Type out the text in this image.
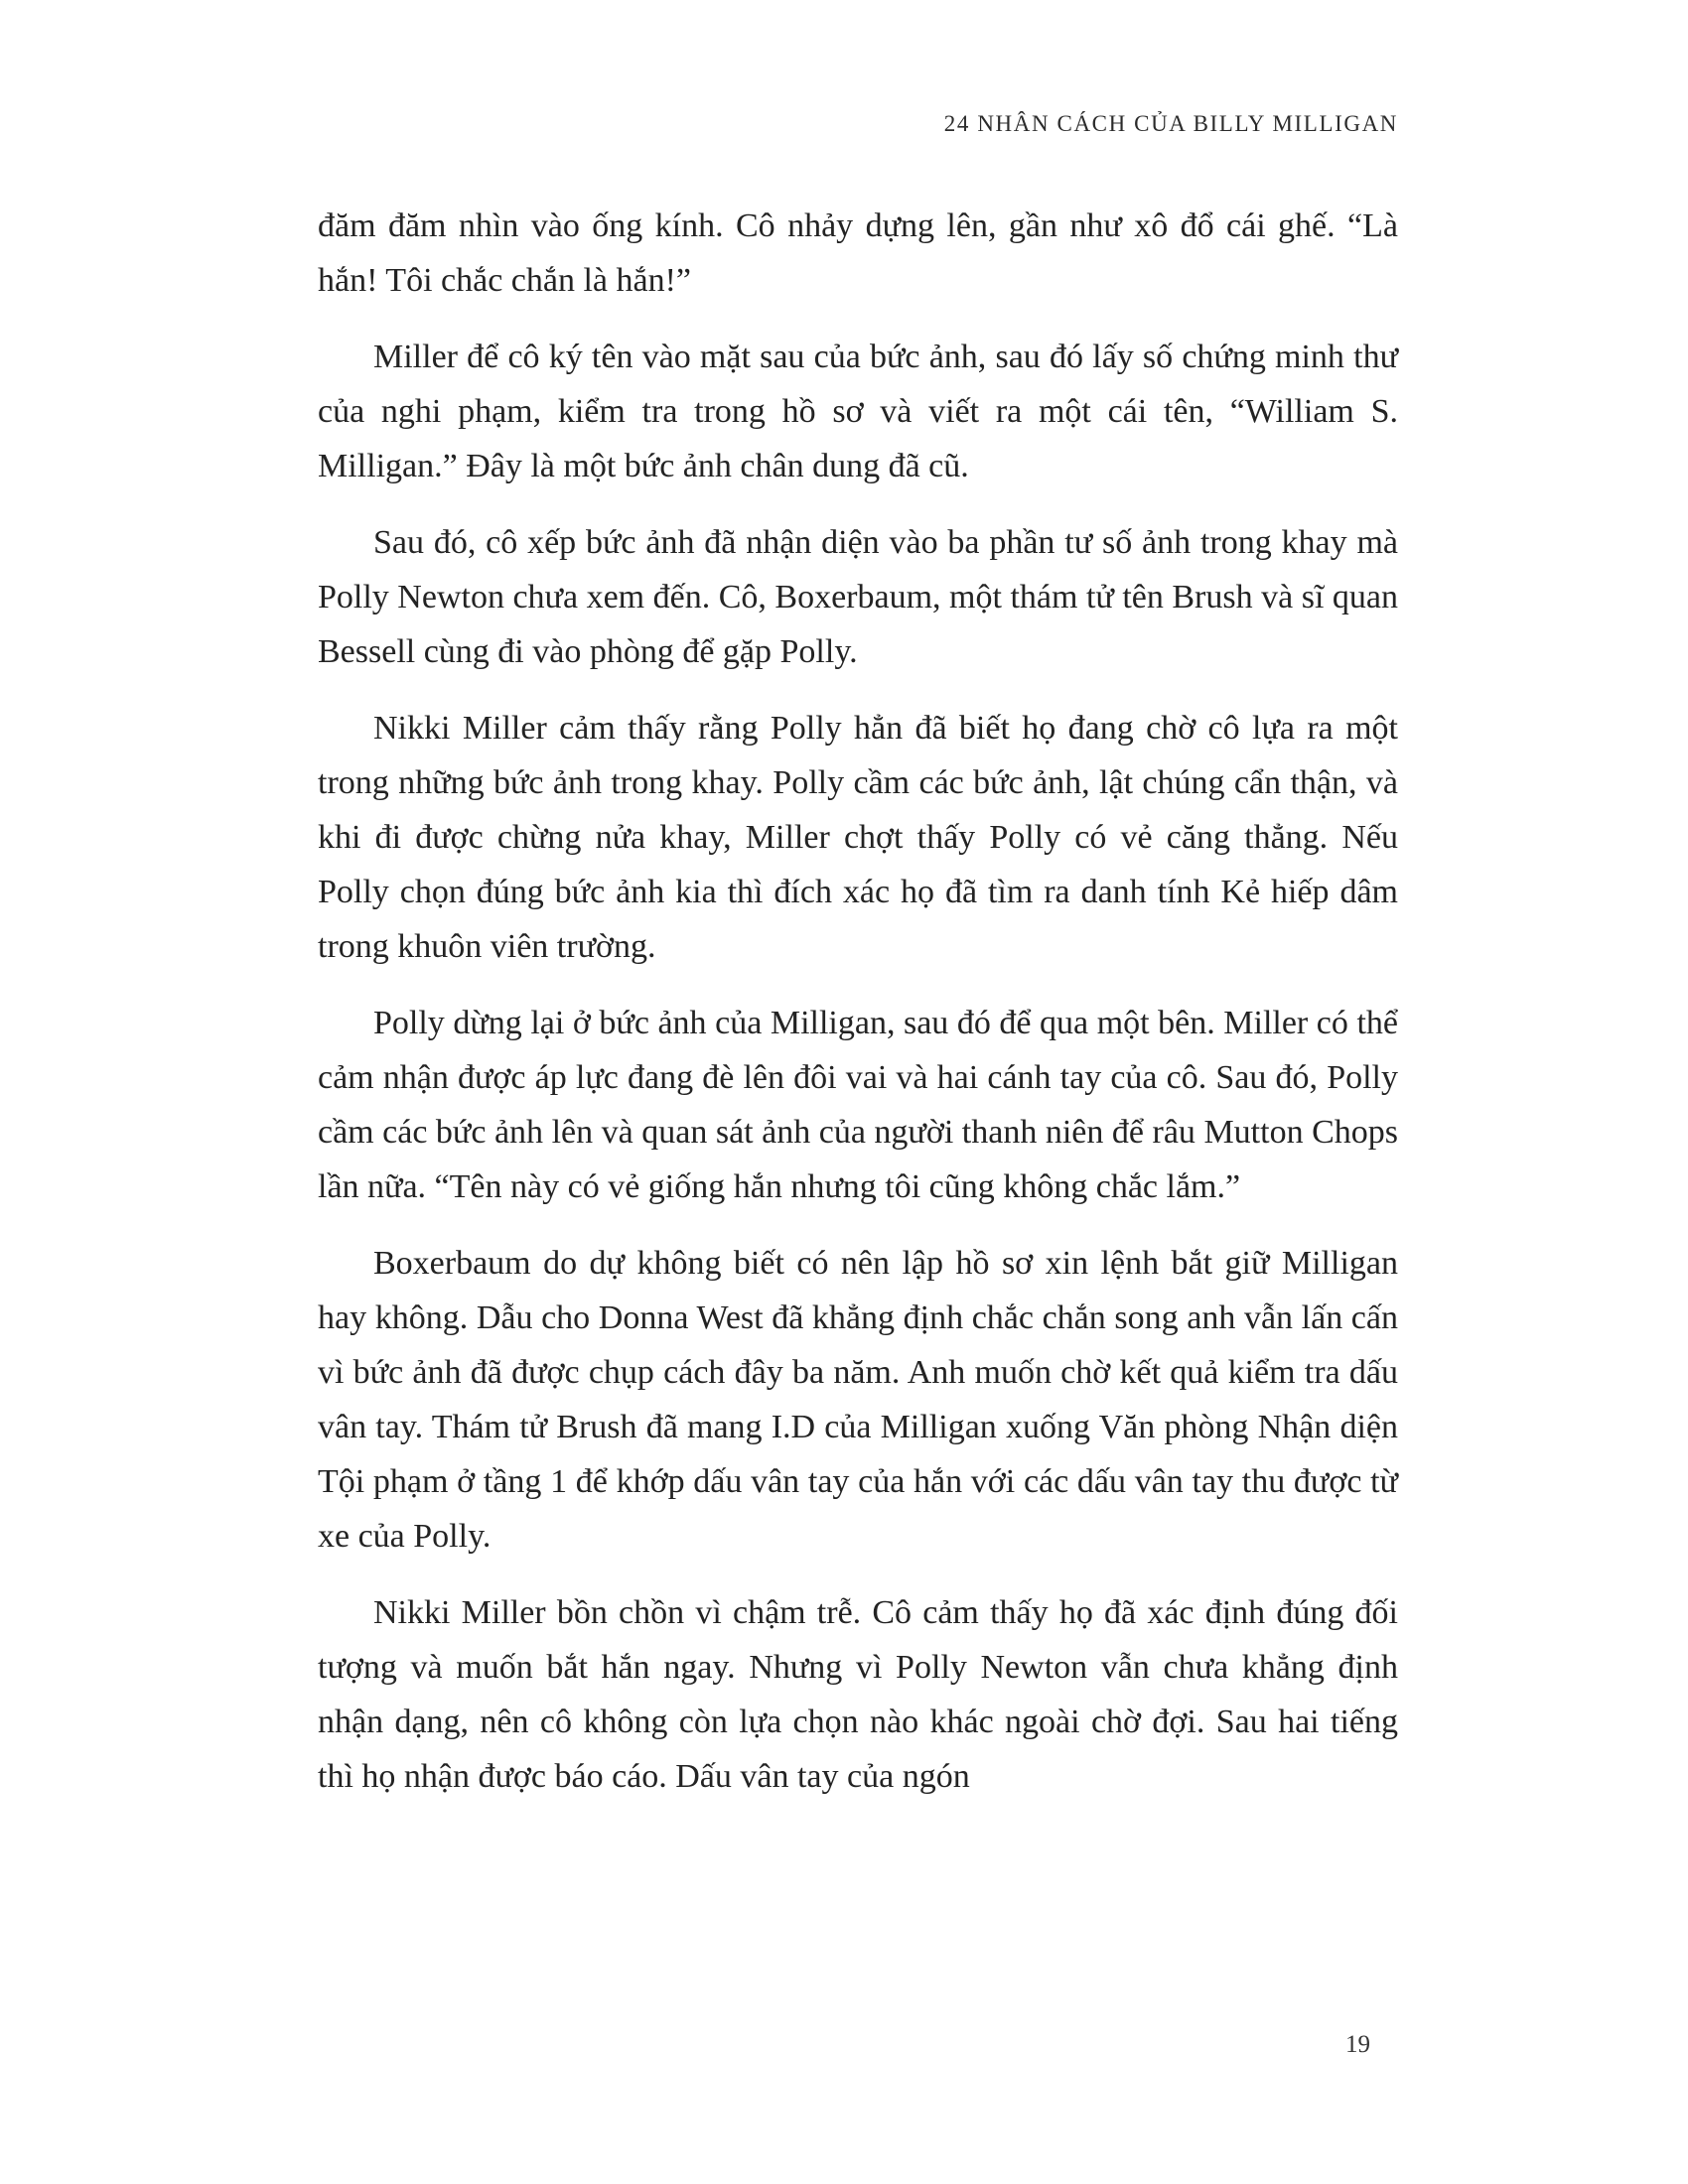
24 NHÂN CÁCH CỦA BILLY MILLIGAN

đăm đăm nhìn vào ống kính. Cô nhảy dựng lên, gần như xô đổ cái ghế. “Là hắn! Tôi chắc chắn là hắn!”

Miller để cô ký tên vào mặt sau của bức ảnh, sau đó lấy số chứng minh thư của nghi phạm, kiểm tra trong hồ sơ và viết ra một cái tên, “William S. Milligan.” Đây là một bức ảnh chân dung đã cũ.

Sau đó, cô xếp bức ảnh đã nhận diện vào ba phần tư số ảnh trong khay mà Polly Newton chưa xem đến. Cô, Boxerbaum, một thám tử tên Brush và sĩ quan Bessell cùng đi vào phòng để gặp Polly.

Nikki Miller cảm thấy rằng Polly hẳn đã biết họ đang chờ cô lựa ra một trong những bức ảnh trong khay. Polly cầm các bức ảnh, lật chúng cẩn thận, và khi đi được chừng nửa khay, Miller chợt thấy Polly có vẻ căng thẳng. Nếu Polly chọn đúng bức ảnh kia thì đích xác họ đã tìm ra danh tính Kẻ hiếp dâm trong khuôn viên trường.

Polly dừng lại ở bức ảnh của Milligan, sau đó để qua một bên. Miller có thể cảm nhận được áp lực đang đè lên đôi vai và hai cánh tay của cô. Sau đó, Polly cầm các bức ảnh lên và quan sát ảnh của người thanh niên để râu Mutton Chops lần nữa. “Tên này có vẻ giống hắn nhưng tôi cũng không chắc lắm.”

Boxerbaum do dự không biết có nên lập hồ sơ xin lệnh bắt giữ Milligan hay không. Dẫu cho Donna West đã khẳng định chắc chắn song anh vẫn lấn cấn vì bức ảnh đã được chụp cách đây ba năm. Anh muốn chờ kết quả kiểm tra dấu vân tay. Thám tử Brush đã mang I.D của Milligan xuống Văn phòng Nhận diện Tội phạm ở tầng 1 để khớp dấu vân tay của hắn với các dấu vân tay thu được từ xe của Polly.

Nikki Miller bồn chồn vì chậm trễ. Cô cảm thấy họ đã xác định đúng đối tượng và muốn bắt hắn ngay. Nhưng vì Polly Newton vẫn chưa khẳng định nhận dạng, nên cô không còn lựa chọn nào khác ngoài chờ đợi. Sau hai tiếng thì họ nhận được báo cáo. Dấu vân tay của ngón

19
